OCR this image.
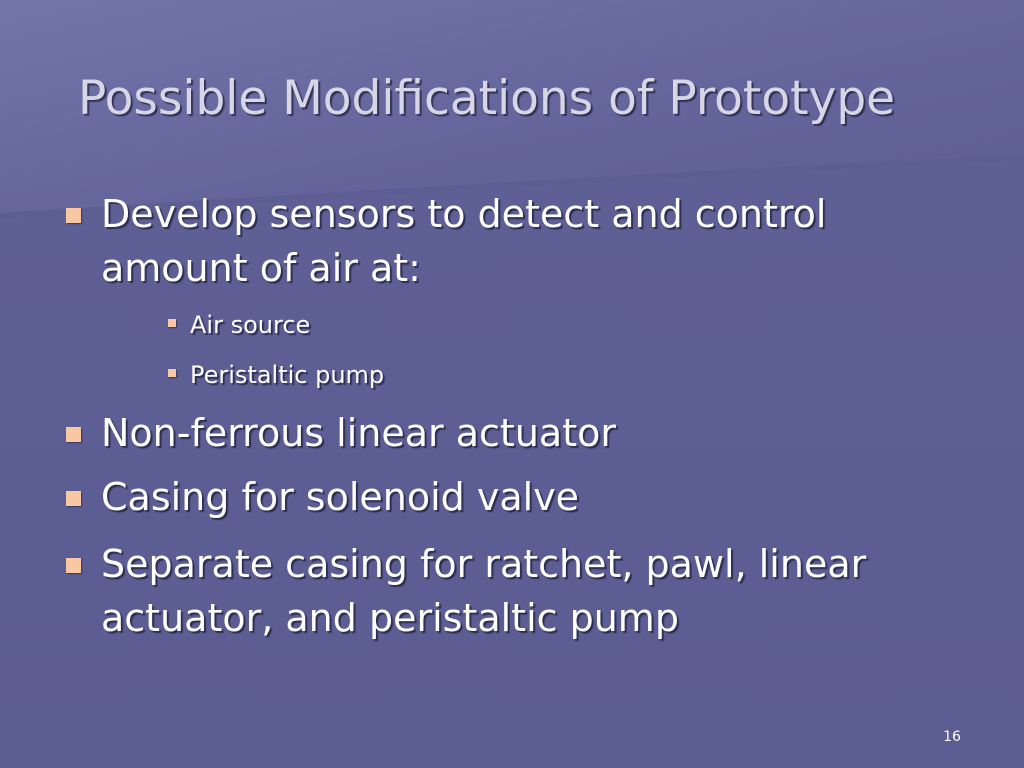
Possible Modifications of Prototype
Develop sensors to detect and control
amount of air at:
Air source
Peristaltic pump
Non-ferrous linear actuator
Casing for solenoid valve
Separate casing for ratchet, pawl, linear
actuator, and peristaltic pump
16
